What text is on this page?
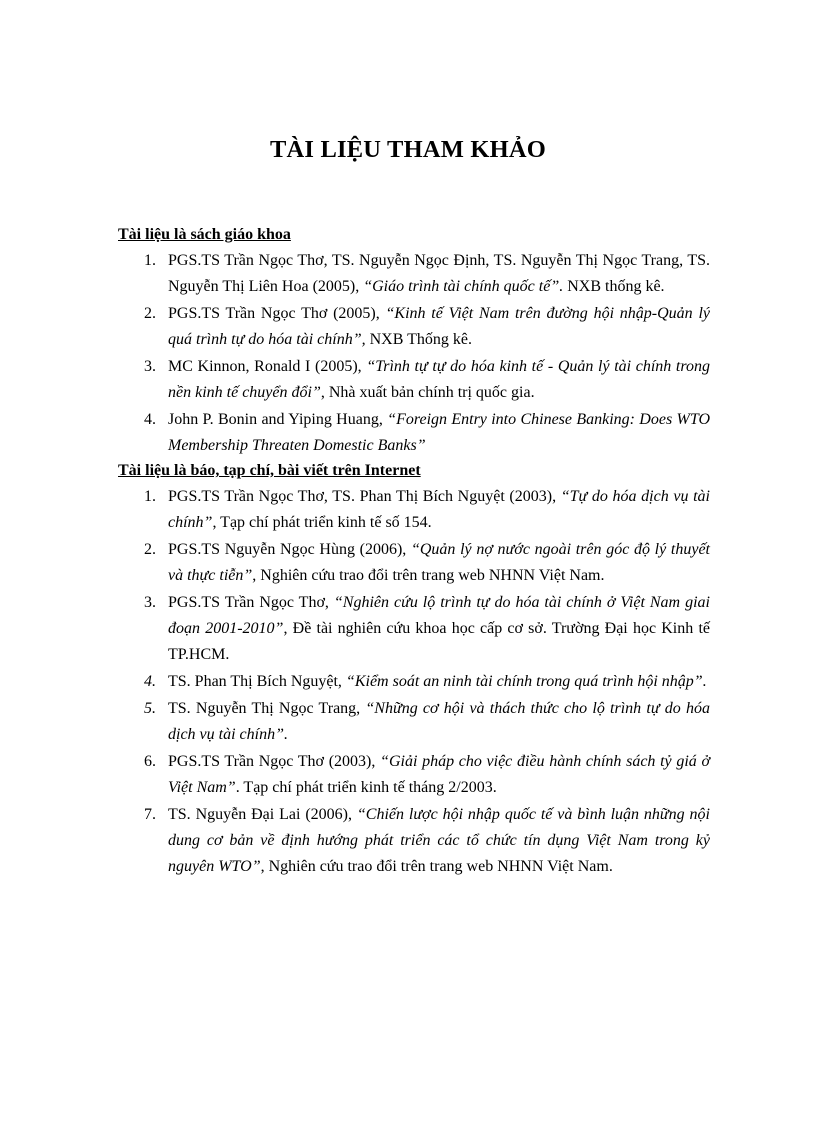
TÀI LIỆU THAM KHẢO
Tài liệu là sách giáo khoa
1. PGS.TS Trần Ngọc Thơ, TS. Nguyễn Ngọc Định, TS. Nguyễn Thị Ngọc Trang, TS. Nguyễn Thị Liên Hoa (2005), “Giáo trình tài chính quốc tế”. NXB thống kê.
2. PGS.TS Trần Ngọc Thơ (2005), “Kinh tế Việt Nam trên đường hội nhập-Quản lý quá trình tự do hóa tài chính”, NXB Thống kê.
3. MC Kinnon, Ronald I (2005), “Trình tự tự do hóa kinh tế - Quản lý tài chính trong nền kinh tế chuyển đổi”, Nhà xuất bản chính trị quốc gia.
4. John P. Bonin and Yiping Huang, “Foreign Entry into Chinese Banking: Does WTO Membership Threaten Domestic Banks”
Tài liệu là báo, tạp chí, bài viết trên Internet
1. PGS.TS Trần Ngọc Thơ, TS. Phan Thị Bích Nguyệt (2003), “Tự do hóa dịch vụ tài chính”, Tạp chí phát triển kinh tế số 154.
2. PGS.TS Nguyễn Ngọc Hùng (2006), “Quản lý nợ nước ngoài trên góc độ lý thuyết và thực tiễn”, Nghiên cứu trao đổi trên trang web NHNN Việt Nam.
3. PGS.TS Trần Ngọc Thơ, “Nghiên cứu lộ trình tự do hóa tài chính ở Việt Nam giai đoạn 2001-2010”, Đề tài nghiên cứu khoa học cấp cơ sở. Trường Đại học Kinh tế TP.HCM.
4. TS. Phan Thị Bích Nguyệt, “Kiểm soát an ninh tài chính trong quá trình hội nhập”.
5. TS. Nguyễn Thị Ngọc Trang, “Những cơ hội và thách thức cho lộ trình tự do hóa dịch vụ tài chính”.
6. PGS.TS Trần Ngọc Thơ (2003), “Giải pháp cho việc điều hành chính sách tỷ giá ở Việt Nam”. Tạp chí phát triển kinh tế tháng 2/2003.
7. TS. Nguyễn Đại Lai (2006), “Chiến lược hội nhập quốc tế và bình luận những nội dung cơ bản về định hướng phát triển các tổ chức tín dụng Việt Nam trong kỷ nguyên WTO”, Nghiên cứu trao đổi trên trang web NHNN Việt Nam.
